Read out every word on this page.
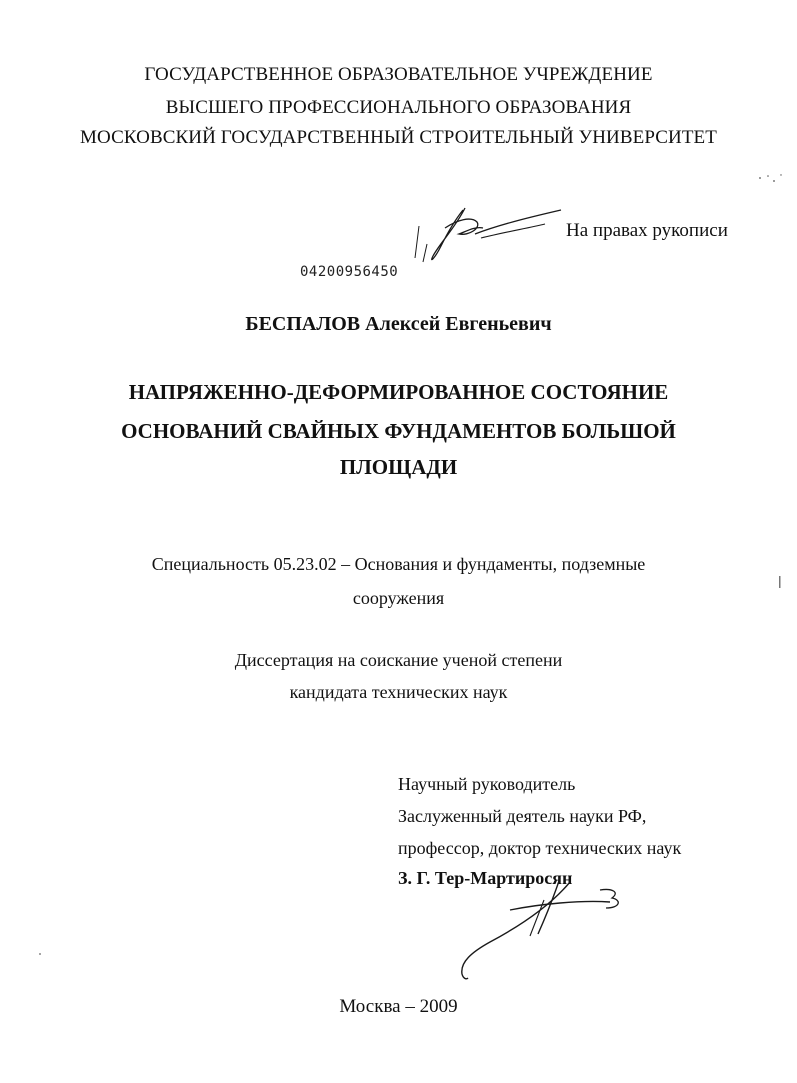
ГОСУДАРСТВЕННОЕ ОБРАЗОВАТЕЛЬНОЕ УЧРЕЖДЕНИЕ
ВЫСШЕГО ПРОФЕССИОНАЛЬНОГО ОБРАЗОВАНИЯ
МОСКОВСКИЙ ГОСУДАРСТВЕННЫЙ СТРОИТЕЛЬНЫЙ УНИВЕРСИТЕТ
На правах рукописи
04200956450
БЕСПАЛОВ Алексей Евгеньевич
НАПРЯЖЕННО-ДЕФОРМИРОВАННОЕ СОСТОЯНИЕ
ОСНОВАНИЙ СВАЙНЫХ ФУНДАМЕНТОВ БОЛЬШОЙ
ПЛОЩАДИ
Специальность 05.23.02 – Основания и фундаменты, подземные
сооружения
Диссертация на соискание ученой степени
кандидата технических наук
Научный руководитель
Заслуженный деятель науки РФ,
профессор, доктор технических наук
З. Г. Тер-Мартиросян
Москва – 2009
